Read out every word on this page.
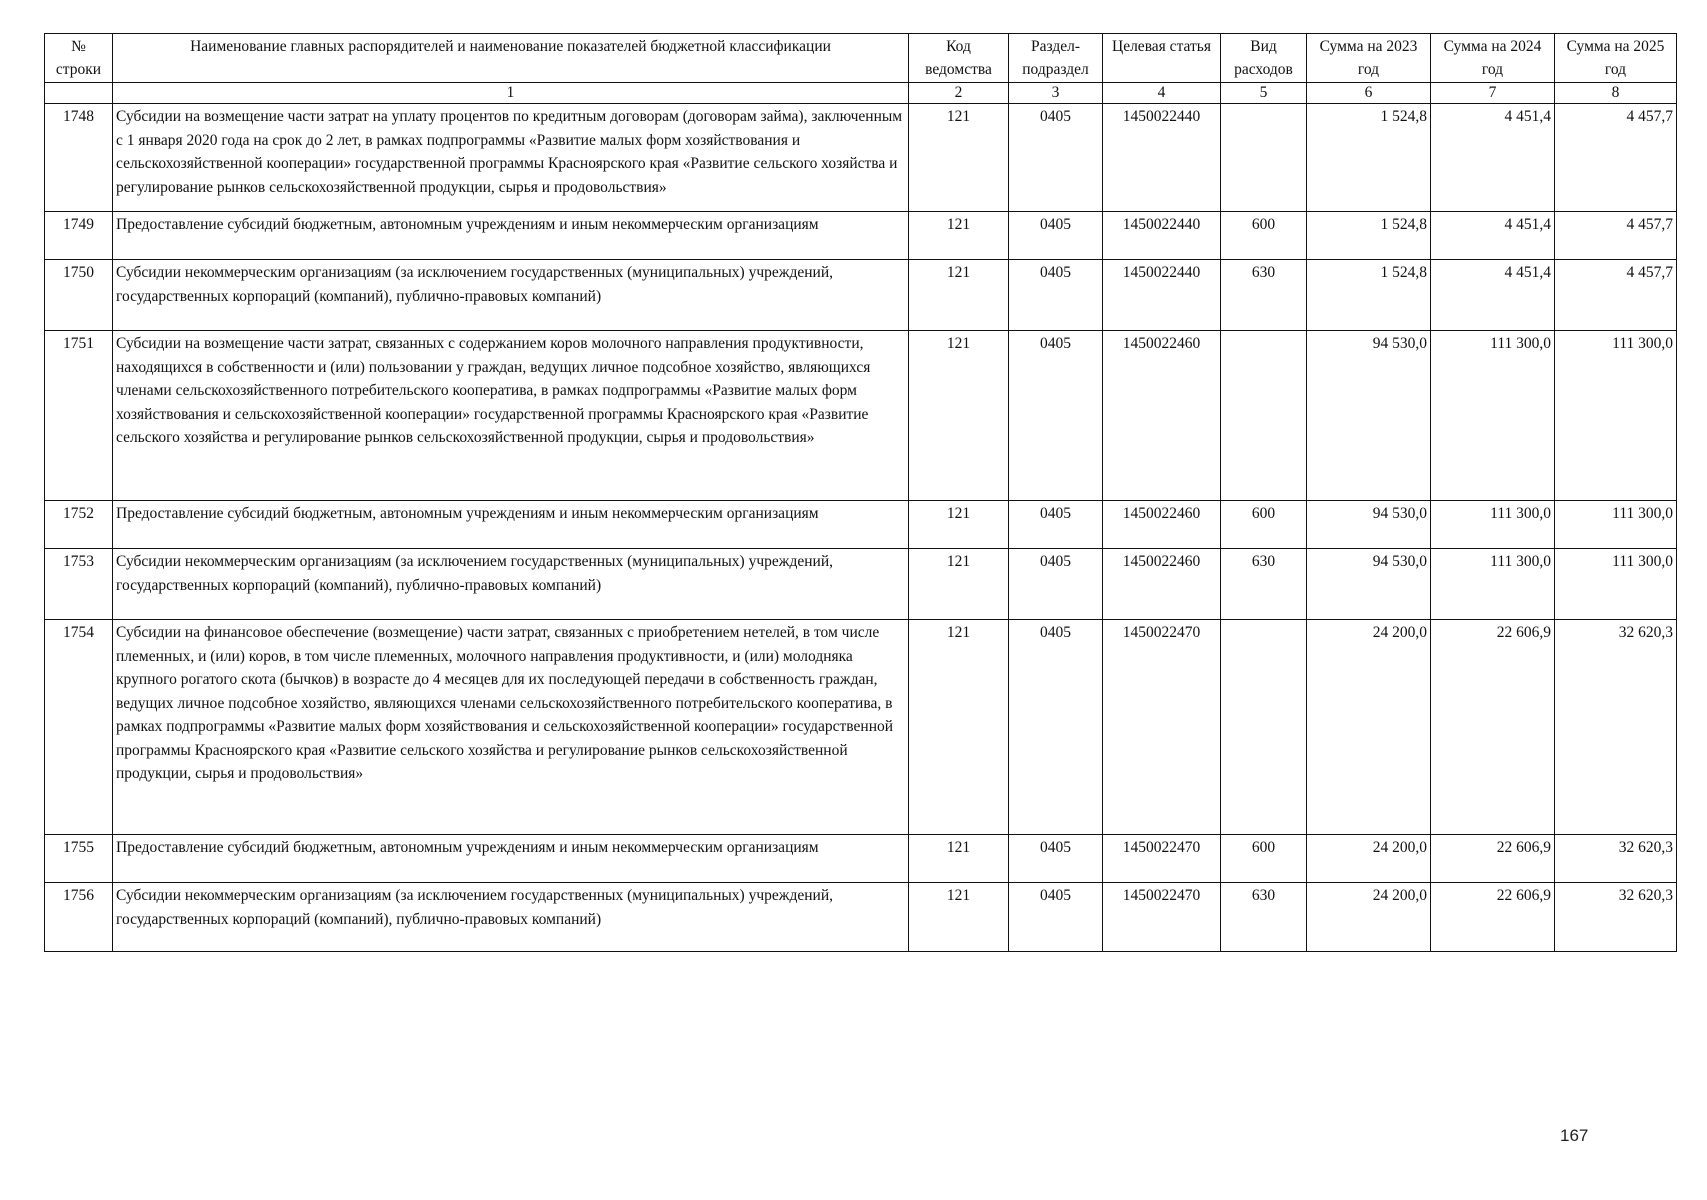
№ строки	Наименование главных распорядителей и наименование показателей бюджетной классификации	Код ведомства	Раздел-подраздел	Целевая статья	Вид расходов	Сумма на 2023 год	Сумма на 2024 год	Сумма на 2025 год
	1	2	3	4	5	6	7	8
1748	Субсидии на возмещение части затрат на уплату процентов по кредитным договорам (договорам займа), заключенным с 1 января 2020 года на срок до 2 лет, в рамках подпрограммы «Развитие малых форм хозяйствования и сельскохозяйственной кооперации» государственной программы Красноярского края «Развитие сельского хозяйства и регулирование рынков сельскохозяйственной продукции, сырья и продовольствия»	121	0405	1450022440		1 524,8	4 451,4	4 457,7
1749	Предоставление субсидий бюджетным, автономным учреждениям и иным некоммерческим организациям	121	0405	1450022440	600	1 524,8	4 451,4	4 457,7
1750	Субсидии некоммерческим организациям (за исключением государственных (муниципальных) учреждений, государственных корпораций (компаний), публично-правовых компаний)	121	0405	1450022440	630	1 524,8	4 451,4	4 457,7
1751	Субсидии на возмещение части затрат, связанных с содержанием коров молочного направления продуктивности, находящихся в собственности и (или) пользовании у граждан, ведущих личное подсобное хозяйство, являющихся членами сельскохозяйственного потребительского кооператива, в рамках подпрограммы «Развитие малых форм хозяйствования и сельскохозяйственной кооперации» государственной программы Красноярского края «Развитие сельского хозяйства и регулирование рынков сельскохозяйственной продукции, сырья и продовольствия»	121	0405	1450022460		94 530,0	111 300,0	111 300,0
1752	Предоставление субсидий бюджетным, автономным учреждениям и иным некоммерческим организациям	121	0405	1450022460	600	94 530,0	111 300,0	111 300,0
1753	Субсидии некоммерческим организациям (за исключением государственных (муниципальных) учреждений, государственных корпораций (компаний), публично-правовых компаний)	121	0405	1450022460	630	94 530,0	111 300,0	111 300,0
1754	Субсидии на финансовое обеспечение (возмещение) части затрат, связанных с приобретением нетелей, в том числе племенных, и (или) коров, в том числе племенных, молочного направления продуктивности, и (или) молодняка крупного рогатого скота (бычков) в возрасте до 4 месяцев для их последующей передачи в собственность граждан, ведущих личное подсобное хозяйство, являющихся членами сельскохозяйственного потребительского кооператива, в рамках подпрограммы «Развитие малых форм хозяйствования и сельскохозяйственной кооперации» государственной программы Красноярского края «Развитие сельского хозяйства и регулирование рынков сельскохозяйственной продукции, сырья и продовольствия»	121	0405	1450022470		24 200,0	22 606,9	32 620,3
1755	Предоставление субсидий бюджетным, автономным учреждениям и иным некоммерческим организациям	121	0405	1450022470	600	24 200,0	22 606,9	32 620,3
1756	Субсидии некоммерческим организациям (за исключением государственных (муниципальных) учреждений, государственных корпораций (компаний), публично-правовых компаний)	121	0405	1450022470	630	24 200,0	22 606,9	32 620,3
167
